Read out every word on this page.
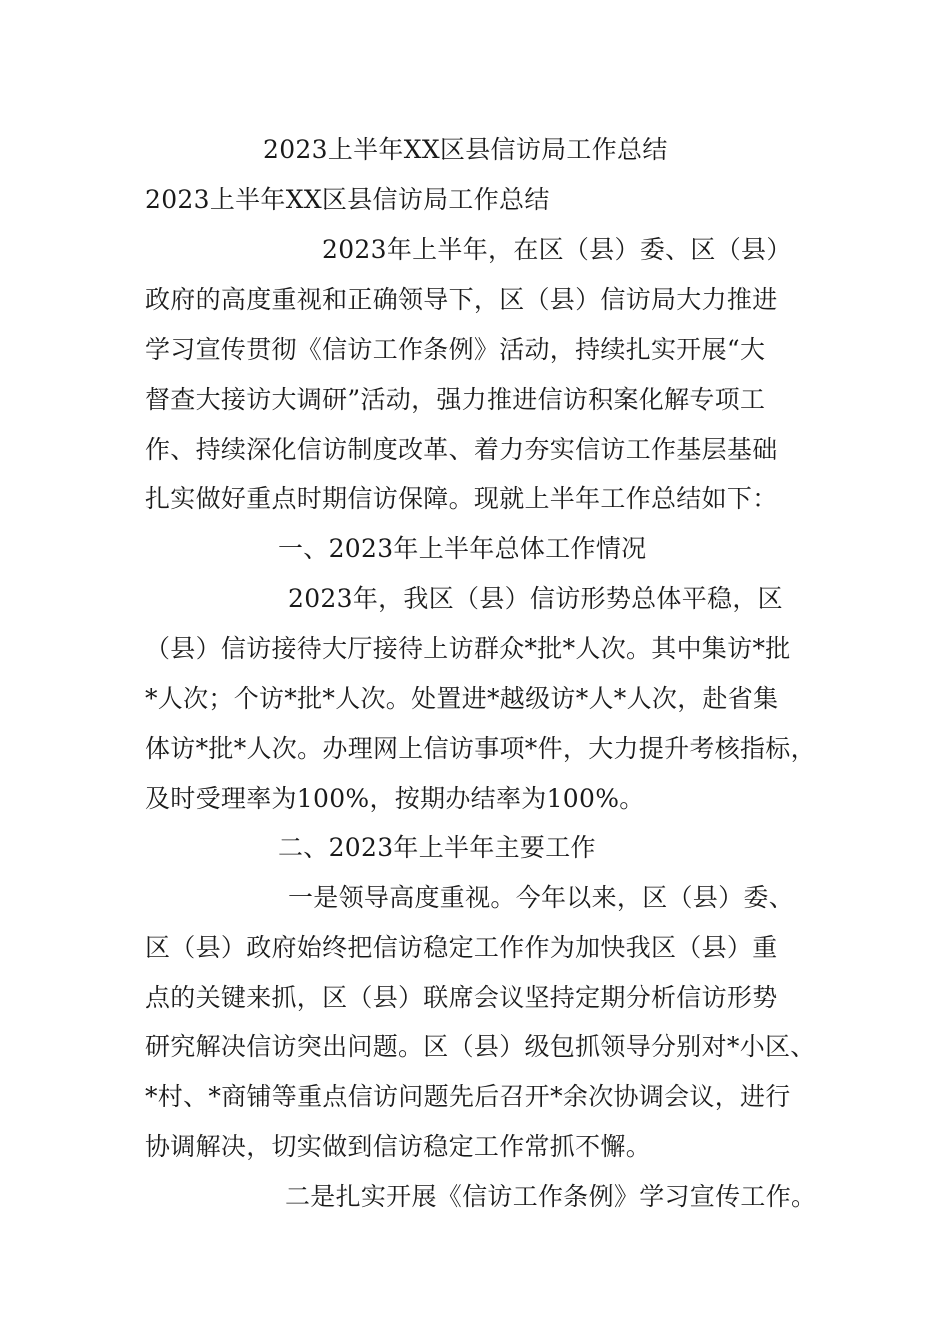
2023上半年XX区县信访局工作总结
2023上半年XX区县信访局工作总结
2023年上半年，在区（县）委、区（县）
政府的高度重视和正确领导下，区（县）信访局大力推进
学习宣传贯彻《信访工作条例》活动，持续扎实开展“大
督查大接访大调研”活动，强力推进信访积案化解专项工
作、持续深化信访制度改革、着力夯实信访工作基层基础
扎实做好重点时期信访保障。现就上半年工作总结如下：
一、2023年上半年总体工作情况
2023年，我区（县）信访形势总体平稳，区
（县）信访接待大厅接待上访群众*批*人次。其中集访*批
*人次；个访*批*人次。处置进*越级访*人*人次，赴省集
体访*批*人次。办理网上信访事项*件，大力提升考核指标，
及时受理率为100%，按期办结率为100%。
二、2023年上半年主要工作
一是领导高度重视。今年以来，区（县）委、
区（县）政府始终把信访稳定工作作为加快我区（县）重
点的关键来抓，区（县）联席会议坚持定期分析信访形势
研究解决信访突出问题。区（县）级包抓领导分别对*小区、
*村、*商铺等重点信访问题先后召开*余次协调会议，进行
协调解决，切实做到信访稳定工作常抓不懈。
二是扎实开展《信访工作条例》学习宣传工作。
